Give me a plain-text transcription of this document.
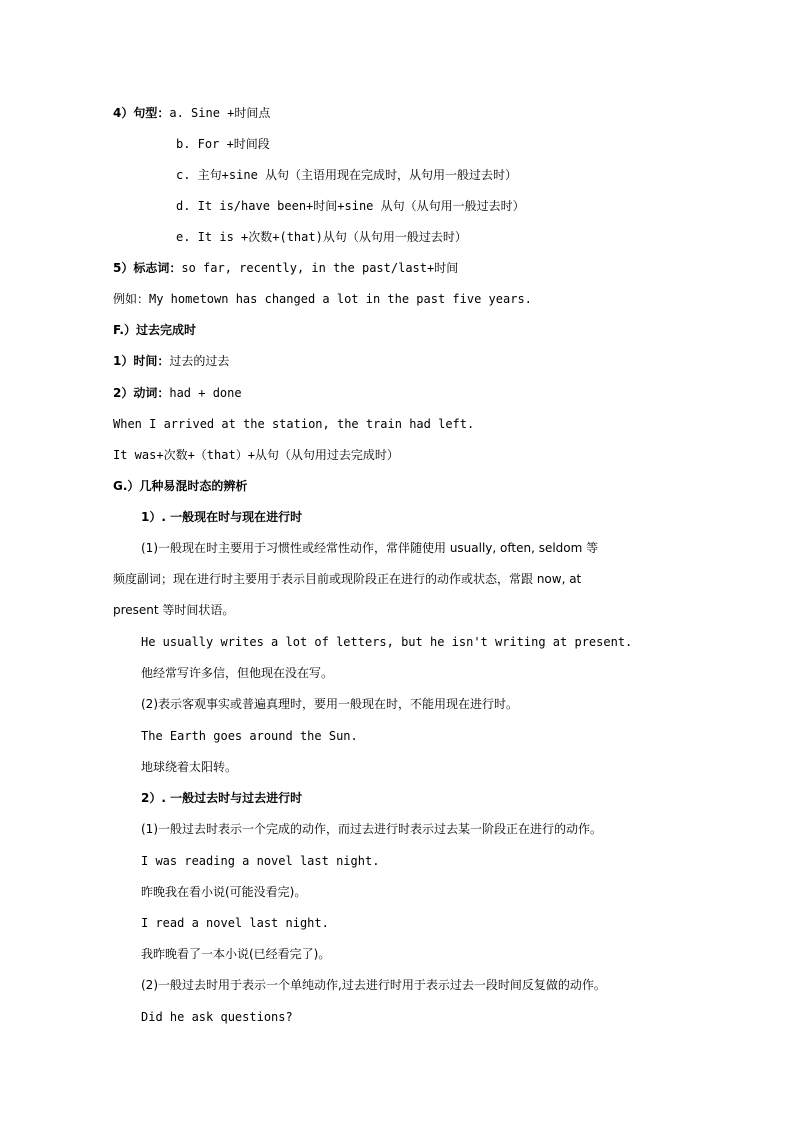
4）句型：a. Sine +时间点
b. For +时间段
c. 主句+sine 从句（主语用现在完成时，从句用一般过去时）
d. It is/have been+时间+sine 从句（从句用一般过去时）
e. It is +次数+(that)从句（从句用一般过去时）
5）标志词：so far, recently, in the past/last+时间
例如：My hometown has changed a lot in the past five years.
F.）过去完成时
1）时间：过去的过去
2）动词：had + done
When I arrived at the station, the train had left.
It was+次数+（that）+从句（从句用过去完成时）
G.）几种易混时态的辨析
1）. 一般现在时与现在进行时
(1)一般现在时主要用于习惯性或经常性动作，常伴随使用 usually, often, seldom 等
频度副词；现在进行时主要用于表示目前或现阶段正在进行的动作或状态，常跟 now, at
present 等时间状语。
He usually writes a lot of letters, but he isn't writing at present.
他经常写许多信，但他现在没在写。
(2)表示客观事实或普遍真理时，要用一般现在时，不能用现在进行时。
The Earth goes around the Sun.
地球绕着太阳转。
2）. 一般过去时与过去进行时
(1)一般过去时表示一个完成的动作，而过去进行时表示过去某一阶段正在进行的动作。
I was reading a novel last night.
昨晚我在看小说(可能没看完)。
I read a novel last night.
我昨晚看了一本小说(已经看完了)。
(2)一般过去时用于表示一个单纯动作,过去进行时用于表示过去一段时间反复做的动作。
Did he ask questions?
